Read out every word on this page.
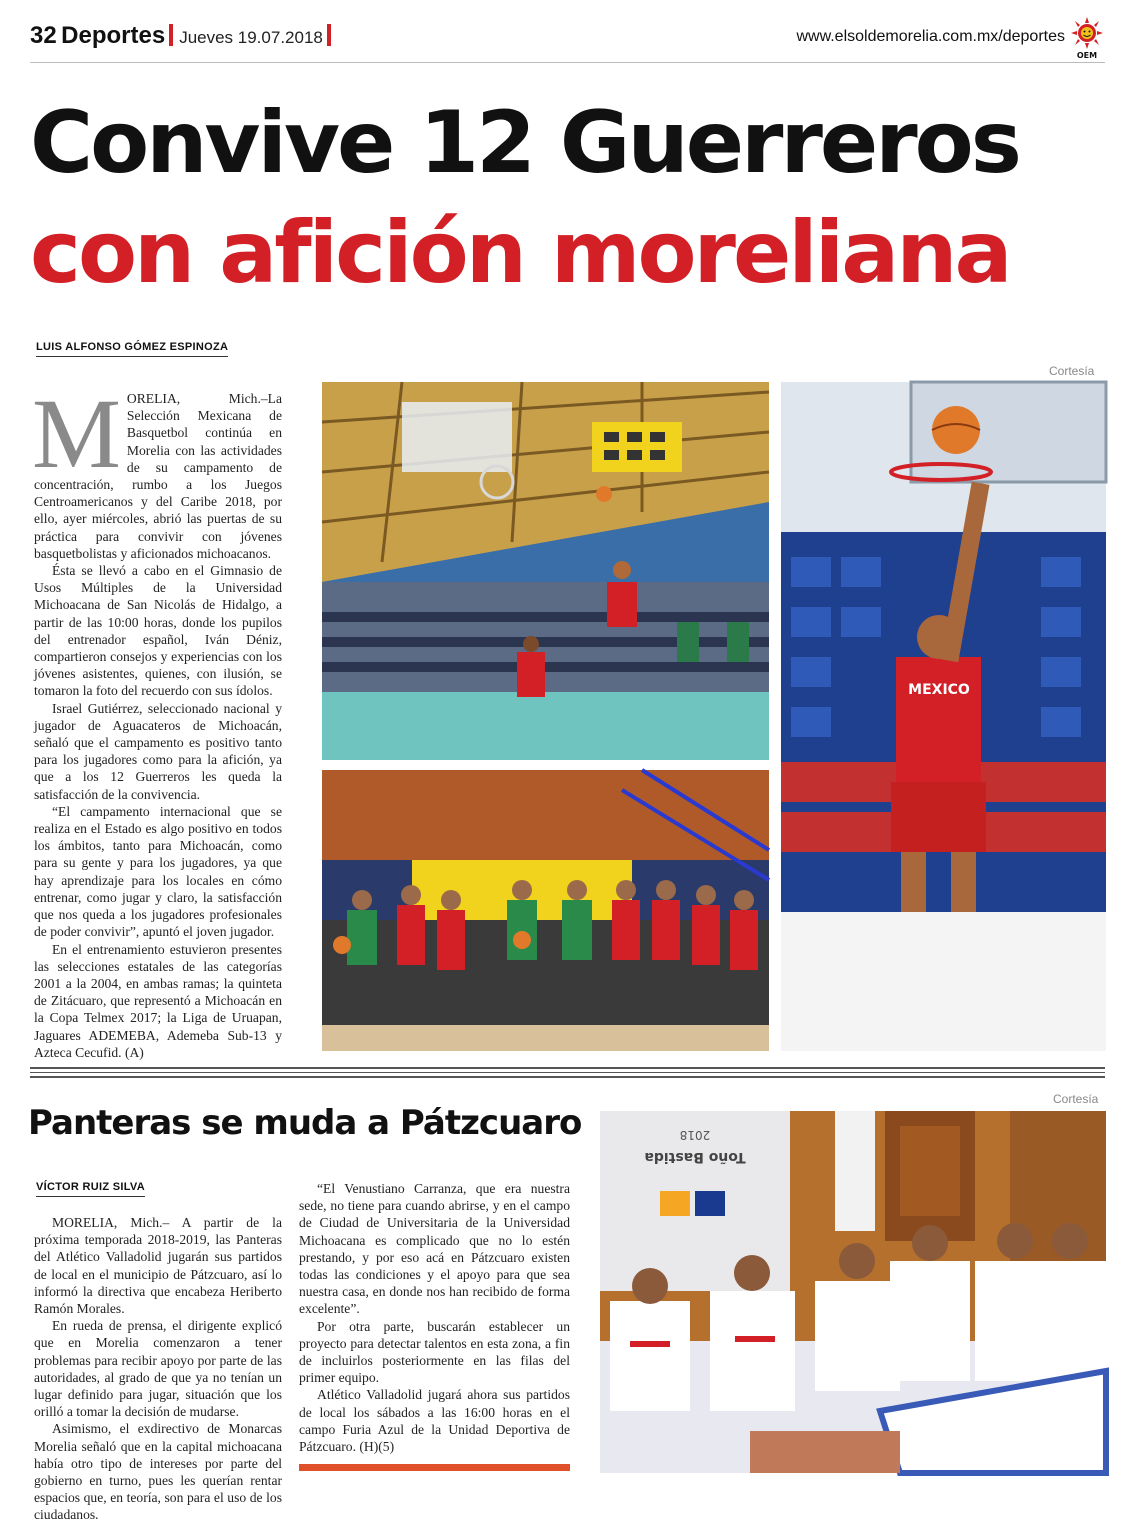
32 Deportes Jueves 19.07.2018	www.elsoldemorelia.com.mx/deportes
OEM
Convive 12 Guerreros
con afición moreliana
LUIS ALFONSO GÓMEZ ESPINOZA
Cortesía

MORELIA, Mich.–La Selección Mexicana de Basquetbol continúa en Morelia con las actividades de su campamento de concentración, rumbo a los Juegos Centroamericanos y del Caribe 2018, por ello, ayer miércoles, abrió las puertas de su práctica para convivir con jóvenes basquetbolistas y aficionados michoacanos.

Ésta se llevó a cabo en el Gimnasio de Usos Múltiples de la Universidad Michoacana de San Nicolás de Hidalgo, a partir de las 10:00 horas, donde los pupilos del entrenador español, Iván Déniz, compartieron consejos y experiencias con los jóvenes asistentes, quienes, con ilusión, se tomaron la foto del recuerdo con sus ídolos.

Israel Gutiérrez, seleccionado nacional y jugador de Aguacateros de Michoacán, señaló que el campamento es positivo tanto para los jugadores como para la afición, ya que a los 12 Guerreros les queda la satisfacción de la convivencia.

“El campamento internacional que se realiza en el Estado es algo positivo en todos los ámbitos, tanto para Michoacán, como para su gente y para los jugadores, ya que hay aprendizaje para los locales en cómo entrenar, como jugar y claro, la satisfacción que nos queda a los jugadores profesionales de poder convivir”, apuntó el joven jugador.

En el entrenamiento estuvieron presentes las selecciones estatales de las categorías 2001 a la 2004, en ambas ramas; la quinteta de Zitácuaro, que representó a Michoacán en la Copa Telmex 2017; la Liga de Uruapan, Jaguares ADEMEBA, Ademeba Sub-13 y Azteca Cecufid. (A)

MEXICO
Panteras se muda a Pátzcuaro
Cortesía
VÍCTOR RUIZ SILVA

MORELIA, Mich.– A partir de la próxima temporada 2018-2019, las Panteras del Atlético Valladolid jugarán sus partidos de local en el municipio de Pátzcuaro, así lo informó la directiva que encabeza Heriberto Ramón Morales.

En rueda de prensa, el dirigente explicó que en Morelia comenzaron a tener problemas para recibir apoyo por parte de las autoridades, al grado de que ya no tenían un lugar definido para jugar, situación que los orilló a tomar la decisión de mudarse.

Asimismo, el exdirectivo de Monarcas Morelia señaló que en la capital michoacana había otro tipo de intereses por parte del gobierno en turno, pues les querían rentar espacios que, en teoría, son para el uso de los ciudadanos.

“El Venustiano Carranza, que era nuestra sede, no tiene para cuando abrirse, y en el campo de Ciudad de Universitaria de la Universidad Michoacana es complicado que no lo estén prestando, y por eso acá en Pátzcuaro existen todas las condiciones y el apoyo para que sea nuestra casa, en donde nos han recibido de forma excelente”.

Por otra parte, buscarán establecer un proyecto para detectar talentos en esta zona, a fin de incluirlos posteriormente en las filas del primer equipo.

Atlético Valladolid jugará ahora sus partidos de local los sábados a las 16:00 horas en el campo Furia Azul de la Unidad Deportiva de Pátzcuaro. (H)(5)

2018
Toño Bastida
